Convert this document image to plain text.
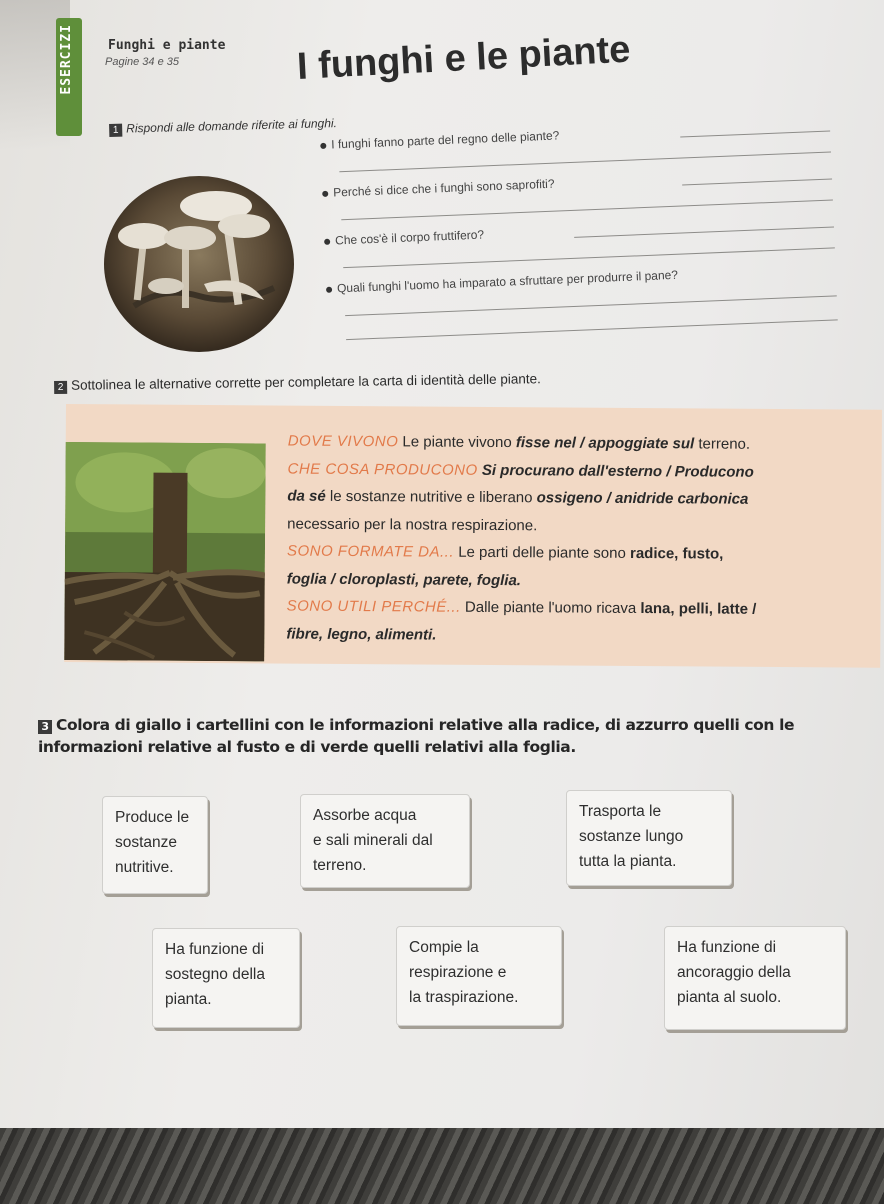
ESERCIZI	Funghi e piante
Pagine 34 e 35	I funghi e le piante
1 Rispondi alle domande riferite ai funghi.
I funghi fanno parte del regno delle piante?
Perché si dice che i funghi sono saprofiti?
Che cos'è il corpo fruttifero?
Quali funghi l'uomo ha imparato a sfruttare per produrre il pane?
2 Sottolinea le alternative corrette per completare la carta di identità delle piante.
DOVE VIVONO Le piante vivono fisse nel / appoggiate sul terreno.
CHE COSA PRODUCONO Si procurano dall'esterno / Producono
da sé le sostanze nutritive e liberano ossigeno / anidride carbonica
necessario per la nostra respirazione.
SONO FORMATE DA... Le parti delle piante sono radice, fusto,
foglia / cloroplasti, parete, foglia.
SONO UTILI PERCHÉ... Dalle piante l'uomo ricava lana, pelli, latte /
fibre, legno, alimenti.
3 Colora di giallo i cartellini con le informazioni relative alla radice, di azzurro quelli con le informazioni relative al fusto e di verde quelli relativi alla foglia.
Produce le
sostanze
nutritive.
Assorbe acqua
e sali minerali dal
terreno.
Trasporta le
sostanze lungo
tutta la pianta.
Ha funzione di
sostegno della
pianta.
Compie la
respirazione e
la traspirazione.
Ha funzione di
ancoraggio della
pianta al suolo.
